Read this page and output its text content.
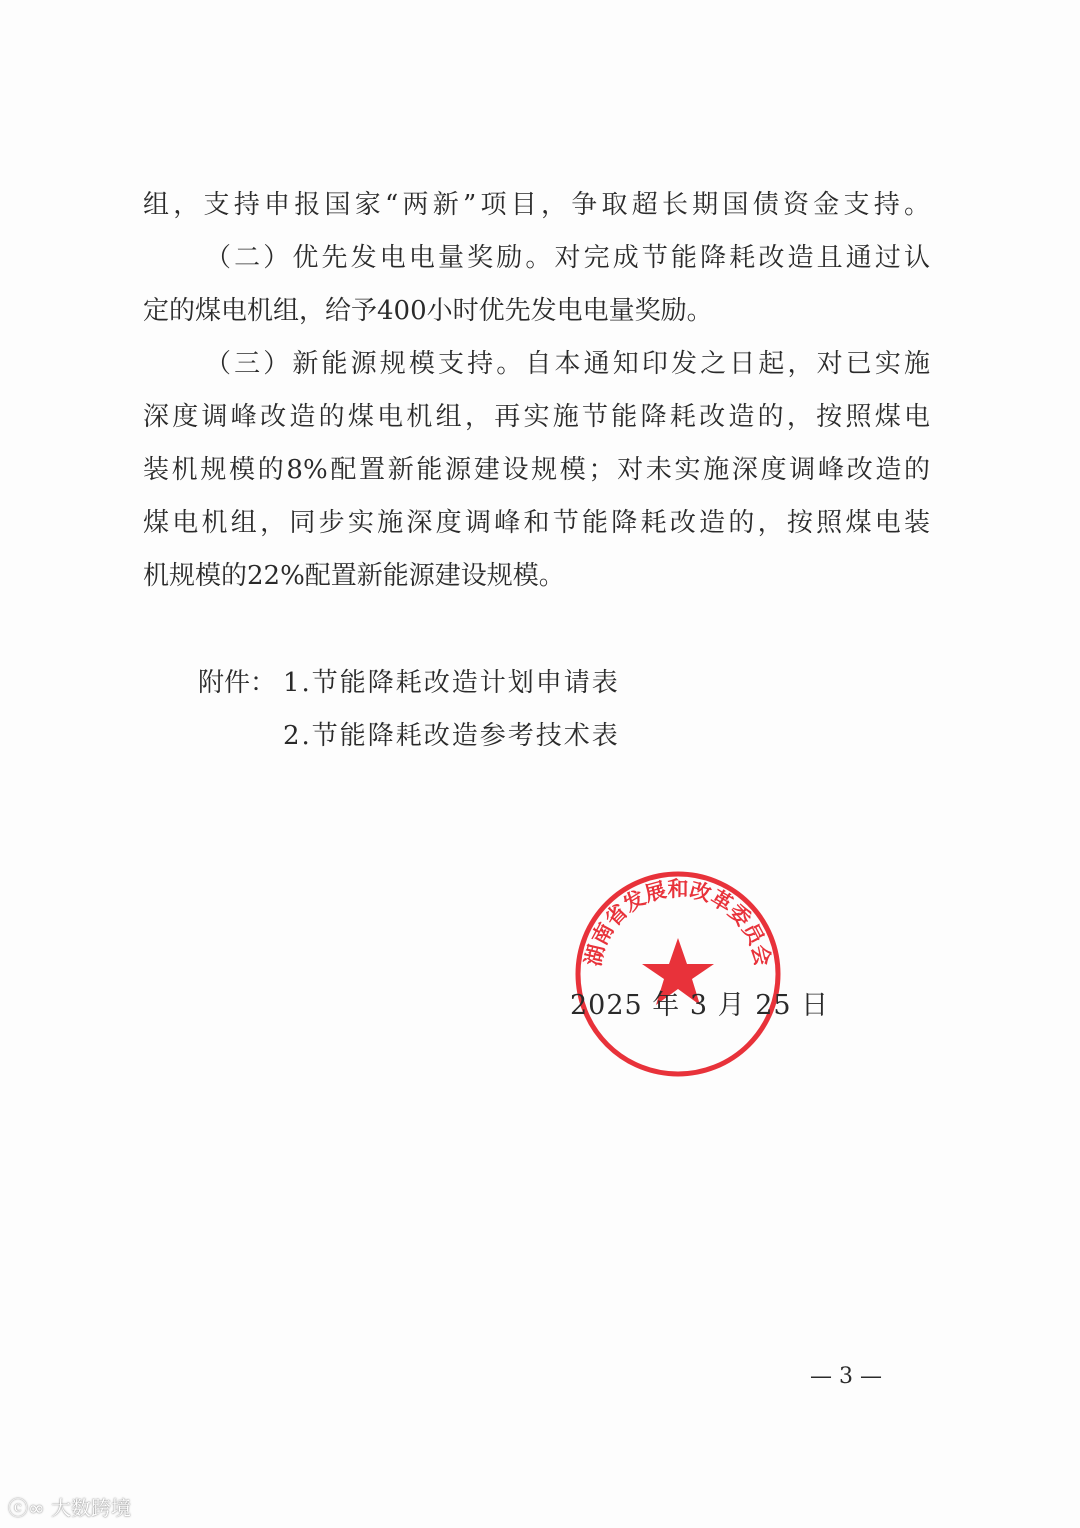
组，支持申报国家“两新”项目，争取超长期国债资金支持。
（二）优先发电电量奖励。对完成节能降耗改造且通过认
定的煤电机组，给予400小时优先发电电量奖励。
（三）新能源规模支持。自本通知印发之日起，对已实施
深度调峰改造的煤电机组，再实施节能降耗改造的，按照煤电
装机规模的8%配置新能源建设规模；对未实施深度调峰改造的
煤电机组，同步实施深度调峰和节能降耗改造的，按照煤电装
机规模的22%配置新能源建设规模。
附件： 1.节能降耗改造计划申请表
2.节能降耗改造参考技术表
2025 年 3 月 25 日
湖南省发展和改革委员会
— 3 —
ⓒ∞ 大数跨境
